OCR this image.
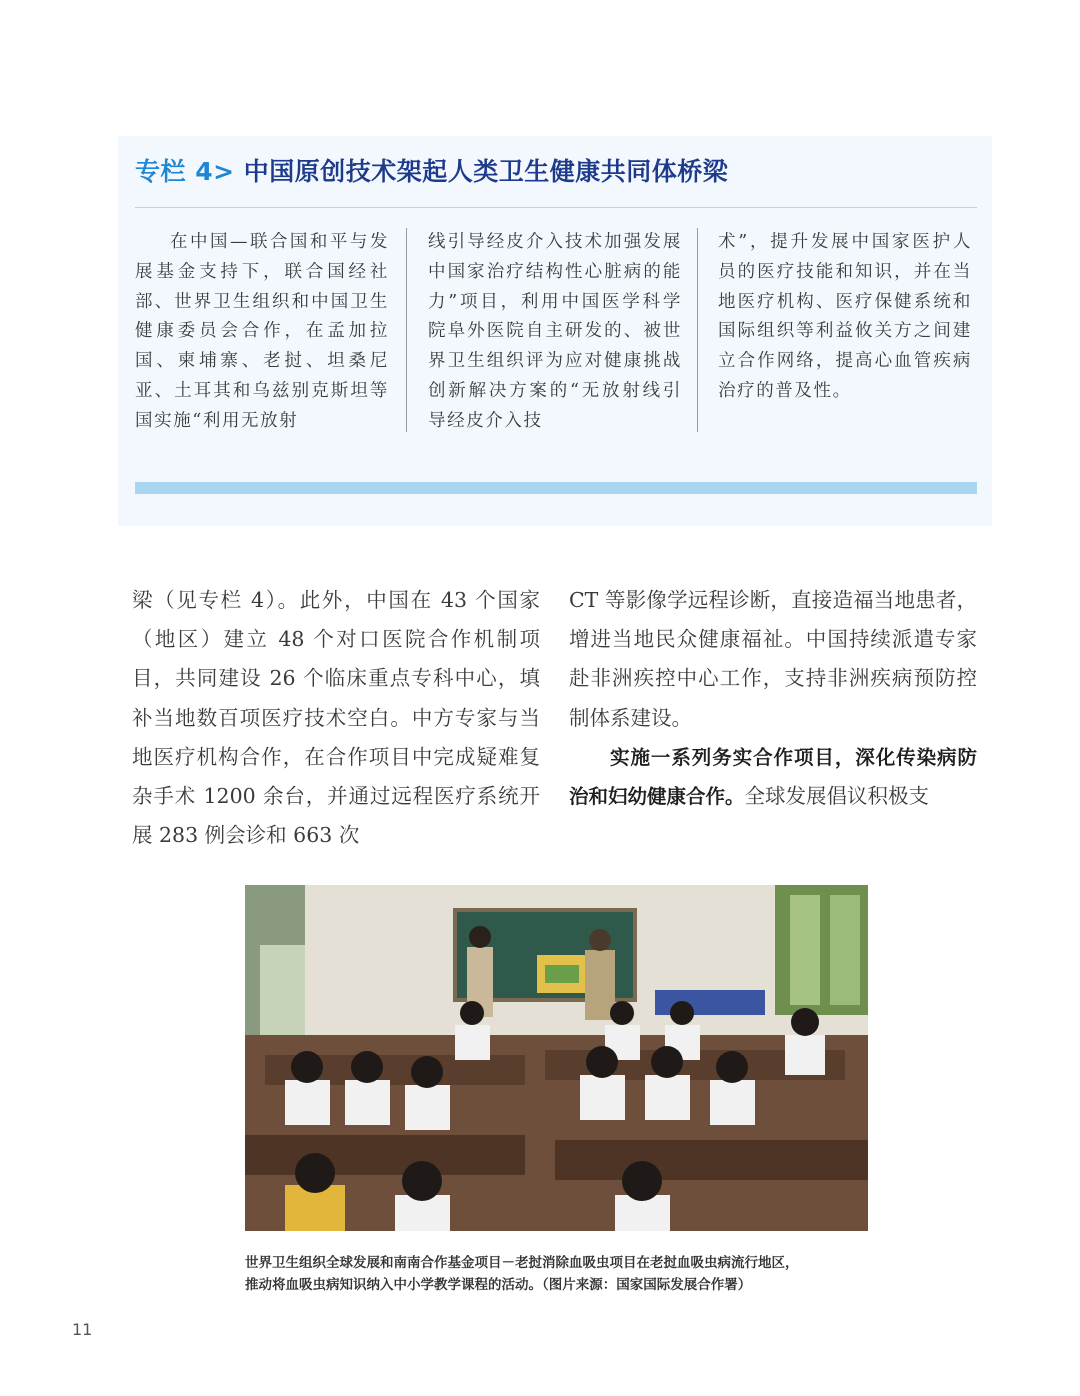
专栏 4> 中国原创技术架起人类卫生健康共同体桥梁

在中国—联合国和平与发展基金支持下，联合国经社部、世界卫生组织和中国卫生健康委员会合作，在孟加拉国、柬埔寨、老挝、坦桑尼亚、土耳其和乌兹别克斯坦等国实施“利用无放射

线引导经皮介入技术加强发展中国家治疗结构性心脏病的能力”项目，利用中国医学科学院阜外医院自主研发的、被世界卫生组织评为应对健康挑战创新解决方案的“无放射线引导经皮介入技

术”，提升发展中国家医护人员的医疗技能和知识，并在当地医疗机构、医疗保健系统和国际组织等利益攸关方之间建立合作网络，提高心血管疾病治疗的普及性。

梁（见专栏 4）。此外，中国在 43 个国家（地区）建立 48 个对口医院合作机制项目，共同建设 26 个临床重点专科中心，填补当地数百项医疗技术空白。中方专家与当地医疗机构合作，在合作项目中完成疑难复杂手术 1200 余台，并通过远程医疗系统开展 283 例会诊和 663 次

CT 等影像学远程诊断，直接造福当地患者，增进当地民众健康福祉。中国持续派遣专家赴非洲疾控中心工作，支持非洲疾病预防控制体系建设。

实施一系列务实合作项目，深化传染病防治和妇幼健康合作。全球发展倡议积极支

世界卫生组织全球发展和南南合作基金项目－老挝消除血吸虫项目在老挝血吸虫病流行地区，

推动将血吸虫病知识纳入中小学教学课程的活动。（图片来源：国家国际发展合作署）

11
